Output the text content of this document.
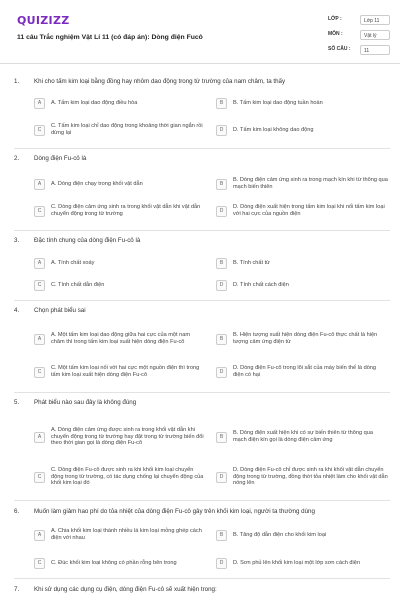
QUIZIZZ
11 câu Trắc nghiệm Vật Lí 11 (có đáp án): Dòng điện Fucô
LỚP :	Lớp 11
MÔN :	Vật lý
SỐ CÂU :	11
1. Khi cho tấm kim loại bằng đồng hay nhôm dao động trong từ trường của nam châm, ta thấy
A	A. Tấm kim loại dao động điều hòa	B	B. Tấm kim loại dao động tuần hoàn
C
C. Tấm kim loại chỉ dao động trong khoảng thời gian ngắn rồi dừng lại
D	D. Tấm kim loại không dao động
2. Dòng điện Fu-cô là
A	A. Dòng điện chạy trong khối vật dẫn	B
B. Dòng điện cảm ứng sinh ra trong mạch kín khi từ thông qua mạch biến thiên
C
C. Dòng điện cảm ứng sinh ra trong khối vật dẫn khi vật dẫn chuyển động trong từ trường
D
D. Dòng điện xuất hiện trong tấm kim loại khi nối tấm kim loại với hai cực của nguồn điện
3. Đặc tính chung của dòng điện Fu-cô là
A	A. Tính chất xoáy	B	B. Tính chất từ
C	C. Tính chất dẫn điện	D	D. Tính chất cách điện
4. Chọn phát biểu sai
A
A. Một tấm kim loại dao động giữa hai cực của một nam châm thì trong tấm kim loại xuất hiện dòng điện Fu-cô
B
B. Hiện tượng xuất hiện dòng điện Fu-cô thực chất là hiện tượng cảm ứng điện từ
C
C. Một tấm kim loại nối với hai cực một nguồn điện thì trong tấm kim loại xuất hiện dòng điện Fu-cô
D
D. Dòng điện Fu-cô trong lõi sắt của máy biến thế là dòng điện có hại
5. Phát biểu nào sau đây là không đúng
A
A. Dòng điện cảm ứng được sinh ra trong khối vật dẫn khi chuyển động trong từ trường hay đặt trong từ trường biến đổi theo thời gian gọi là dòng điện Fu-cô
B
B. Dòng điện xuất hiện khi có sự biến thiên từ thông qua mạch điện kín gọi là dòng điện cảm ứng
C
C. Dòng điện Fu-cô được sinh ra khi khối kim loại chuyển động trong từ trường, có tác dụng chống lại chuyển động của khối kim loại đó
D
D. Dòng điện Fu-cô chỉ được sinh ra khi khối vật dẫn chuyển động trong từ trường, đồng thời tỏa nhiệt làm cho khối vật dẫn nóng lên
6. Muốn làm giảm hao phí do tỏa nhiệt của dòng điện Fu-cô gây trên khối kim loại, người ta thường dùng
A
A. Chia khối kim loại thành nhiều lá kim loại mỏng ghép cách điện với nhau
B	B. Tăng độ dẫn điện cho khối kim loại
C	C. Đúc khối kim loại không có phần rỗng bên trong	D	D. Sơn phủ lên khối kim loại một lớp sơn cách điện
7. Khi sử dụng các dụng cụ điện, dòng điện Fu-cô sẽ xuất hiện trong:
